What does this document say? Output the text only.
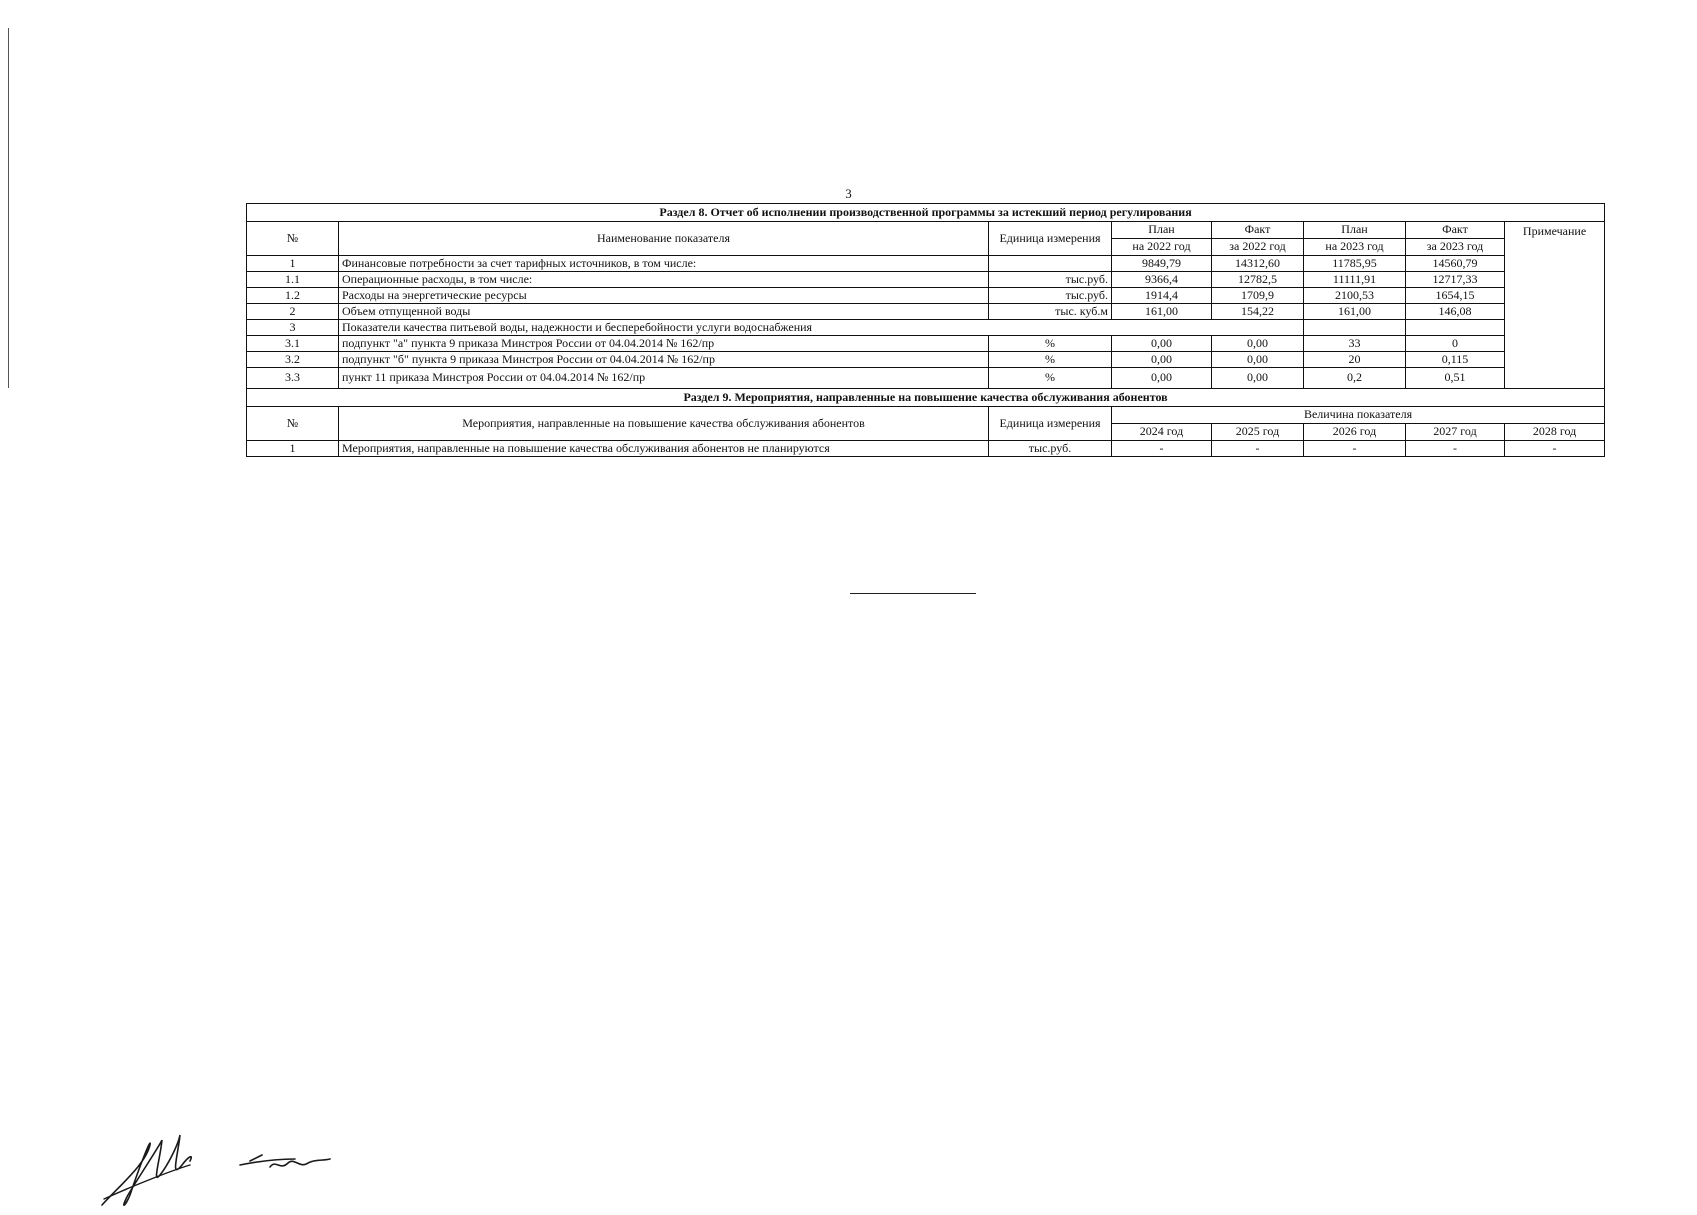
3
Раздел 8. Отчет об исполнении производственной программы за истекший период регулирования							
№	Наименование показателя	Единица измерения	План	Факт	План	Факт	Примечание
			на 2022 год	за 2022 год	на 2023 год	за 2023 год	
1	Финансовые потребности за счет тарифных источников, в том числе:		9849,79	14312,60	11785,95	14560,79	
1.1	Операционные расходы, в том числе:	тыс.руб.	9366,4	12782,5	11111,91	12717,33	
1.2	Расходы на энергетические ресурсы	тыс.руб.	1914,4	1709,9	2100,53	1654,15	
2	Объем отпущенной воды	тыс. куб.м	161,00	154,22	161,00	146,08	
3	Показатели качества питьевой воды, надежности и бесперебойности услуги водоснабжения						
3.1	подпункт "а" пункта 9 приказа Минстроя России от 04.04.2014 № 162/пр	%	0,00	0,00	33	0	
3.2	подпункт "б" пункта 9 приказа Минстроя России от 04.04.2014 № 162/пр	%	0,00	0,00	20	0,115	
3.3	пункт 11 приказа Минстроя России от 04.04.2014 № 162/пр	%	0,00	0,00	0,2	0,51	
Раздел 9. Мероприятия, направленные на повышение качества обслуживания абонентов							
№	Мероприятия, направленные на повышение качества обслуживания абонентов	Единица измерения	Величина показателя				
			2024 год	2025 год	2026 год	2027 год	2028 год
1	Мероприятия, направленные на повышение качества обслуживания абонентов не планируются	тыс.руб.	-	-	-	-	-
